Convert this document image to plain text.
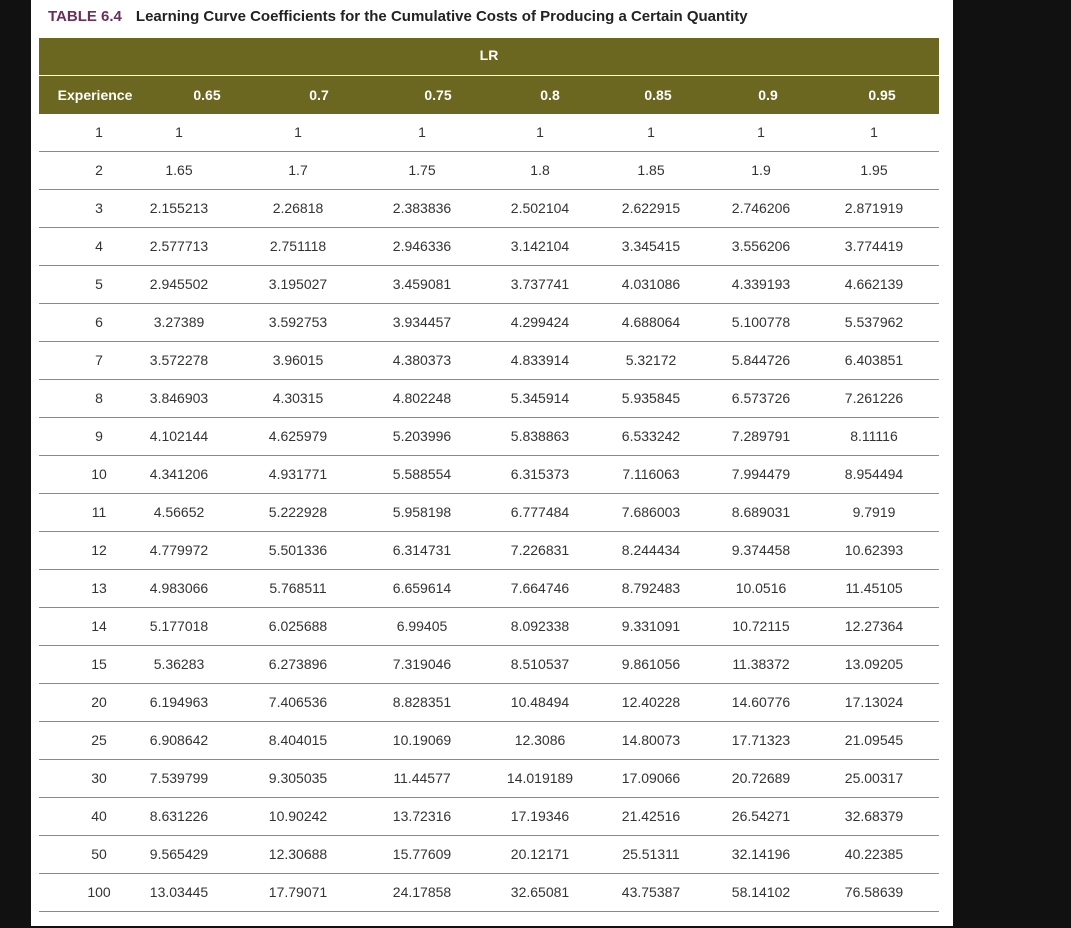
TABLE 6.4 Learning Curve Coefficients for the Cumulative Costs of Producing a Certain Quantity
LR
Experience	0.65	0.7	0.75	0.8	0.85	0.9	0.95
1	1	1	1	1	1	1	1
2	1.65	1.7	1.75	1.8	1.85	1.9	1.95
3	2.155213	2.26818	2.383836	2.502104	2.622915	2.746206	2.871919
4	2.577713	2.751118	2.946336	3.142104	3.345415	3.556206	3.774419
5	2.945502	3.195027	3.459081	3.737741	4.031086	4.339193	4.662139
6	3.27389	3.592753	3.934457	4.299424	4.688064	5.100778	5.537962
7	3.572278	3.96015	4.380373	4.833914	5.32172	5.844726	6.403851
8	3.846903	4.30315	4.802248	5.345914	5.935845	6.573726	7.261226
9	4.102144	4.625979	5.203996	5.838863	6.533242	7.289791	8.11116
10	4.341206	4.931771	5.588554	6.315373	7.116063	7.994479	8.954494
11	4.56652	5.222928	5.958198	6.777484	7.686003	8.689031	9.7919
12	4.779972	5.501336	6.314731	7.226831	8.244434	9.374458	10.62393
13	4.983066	5.768511	6.659614	7.664746	8.792483	10.0516	11.45105
14	5.177018	6.025688	6.99405	8.092338	9.331091	10.72115	12.27364
15	5.36283	6.273896	7.319046	8.510537	9.861056	11.38372	13.09205
20	6.194963	7.406536	8.828351	10.48494	12.40228	14.60776	17.13024
25	6.908642	8.404015	10.19069	12.3086	14.80073	17.71323	21.09545
30	7.539799	9.305035	11.44577	14.019189	17.09066	20.72689	25.00317
40	8.631226	10.90242	13.72316	17.19346	21.42516	26.54271	32.68379
50	9.565429	12.30688	15.77609	20.12171	25.51311	32.14196	40.22385
100	13.03445	17.79071	24.17858	32.65081	43.75387	58.14102	76.58639
